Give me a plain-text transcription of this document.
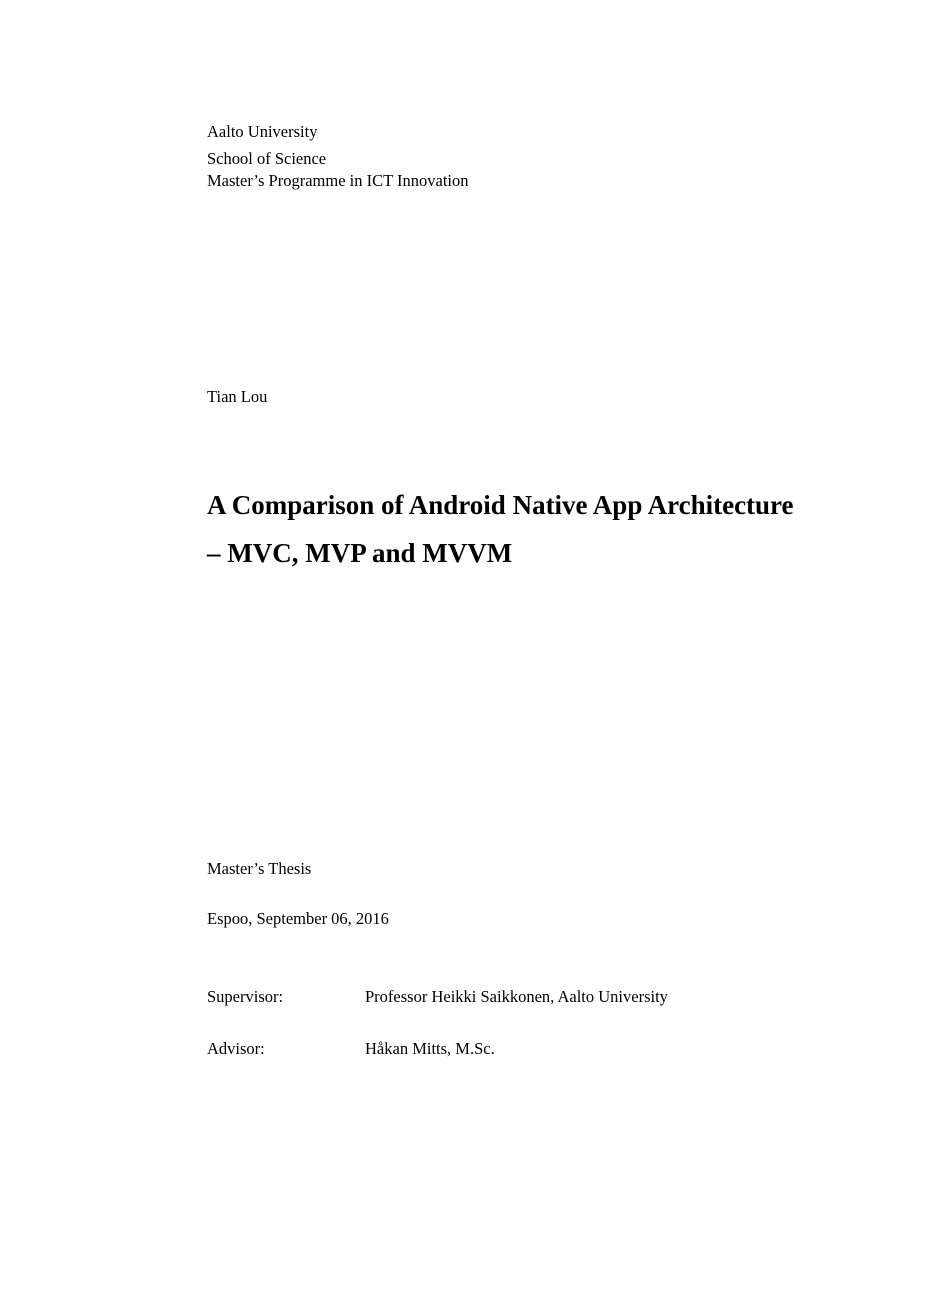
Aalto University
School of Science
Master’s Programme in ICT Innovation
Tian Lou
A Comparison of Android Native App Architecture
– MVC, MVP and MVVM
Master’s Thesis
Espoo, September 06, 2016
Supervisor:	Professor Heikki Saikkonen, Aalto University
Advisor:	Håkan Mitts, M.Sc.
